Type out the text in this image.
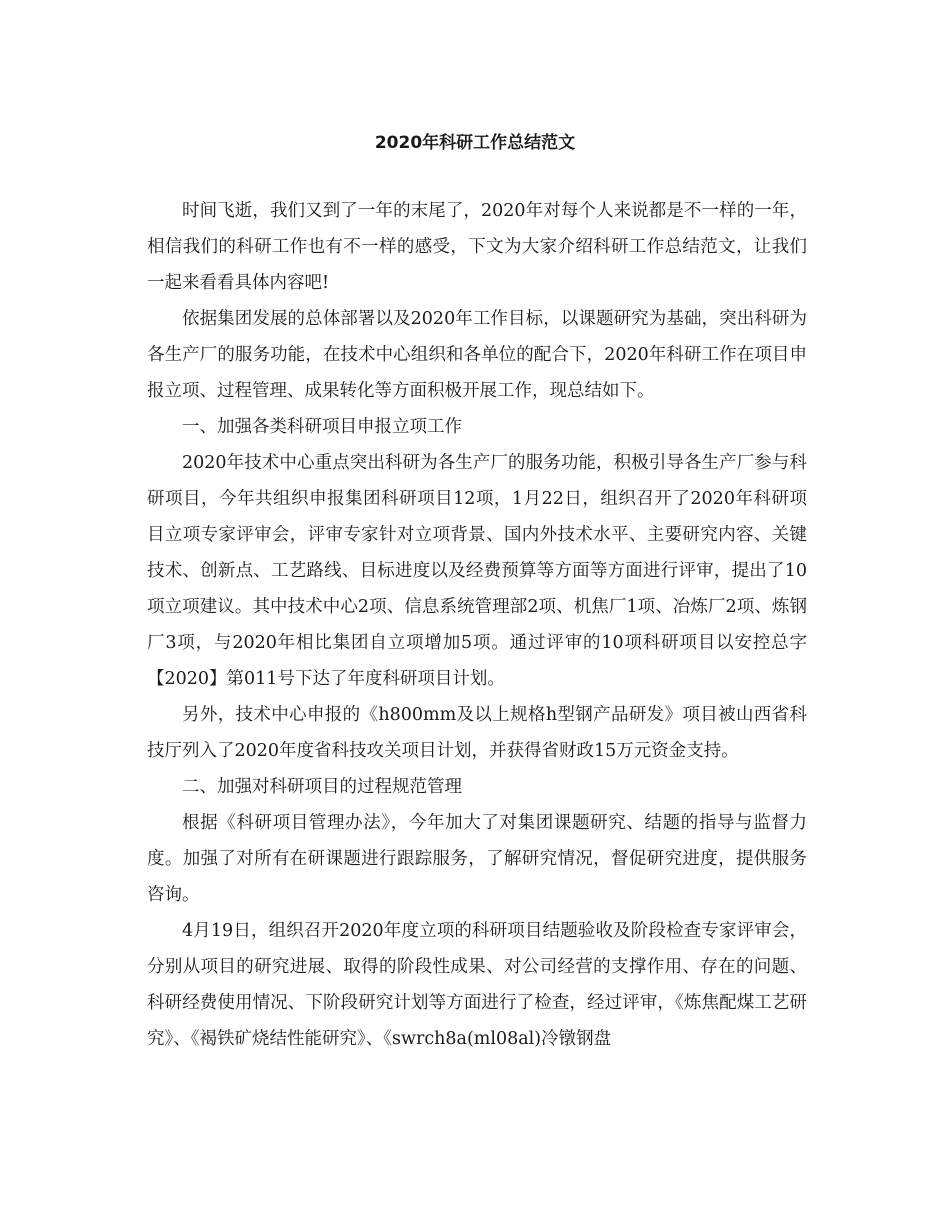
2020年科研工作总结范文

时间飞逝，我们又到了一年的末尾了，2020年对每个人来说都是不一样的一年，相信我们的科研工作也有不一样的感受，下文为大家介绍科研工作总结范文，让我们一起来看看具体内容吧!

依据集团发展的总体部署以及2020年工作目标，以课题研究为基础，突出科研为各生产厂的服务功能，在技术中心组织和各单位的配合下，2020年科研工作在项目申报立项、过程管理、成果转化等方面积极开展工作，现总结如下。

一、加强各类科研项目申报立项工作

2020年技术中心重点突出科研为各生产厂的服务功能，积极引导各生产厂参与科研项目，今年共组织申报集团科研项目12项，1月22日，组织召开了2020年科研项目立项专家评审会，评审专家针对立项背景、国内外技术水平、主要研究内容、关键技术、创新点、工艺路线、目标进度以及经费预算等方面等方面进行评审，提出了10项立项建议。其中技术中心2项、信息系统管理部2项、机焦厂1项、冶炼厂2项、炼钢厂3项，与2020年相比集团自立项增加5项。通过评审的10项科研项目以安控总字【2020】第011号下达了年度科研项目计划。

另外，技术中心申报的《h800mm及以上规格h型钢产品研发》项目被山西省科技厅列入了2020年度省科技攻关项目计划，并获得省财政15万元资金支持。

二、加强对科研项目的过程规范管理

根据《科研项目管理办法》，今年加大了对集团课题研究、结题的指导与监督力度。加强了对所有在研课题进行跟踪服务，了解研究情况，督促研究进度，提供服务咨询。

4月19日，组织召开2020年度立项的科研项目结题验收及阶段检查专家评审会，分别从项目的研究进展、取得的阶段性成果、对公司经营的支撑作用、存在的问题、科研经费使用情况、下阶段研究计划等方面进行了检查，经过评审，《炼焦配煤工艺研究》、《褐铁矿烧结性能研究》、《swrch8a(ml08al)冷镦钢盘
